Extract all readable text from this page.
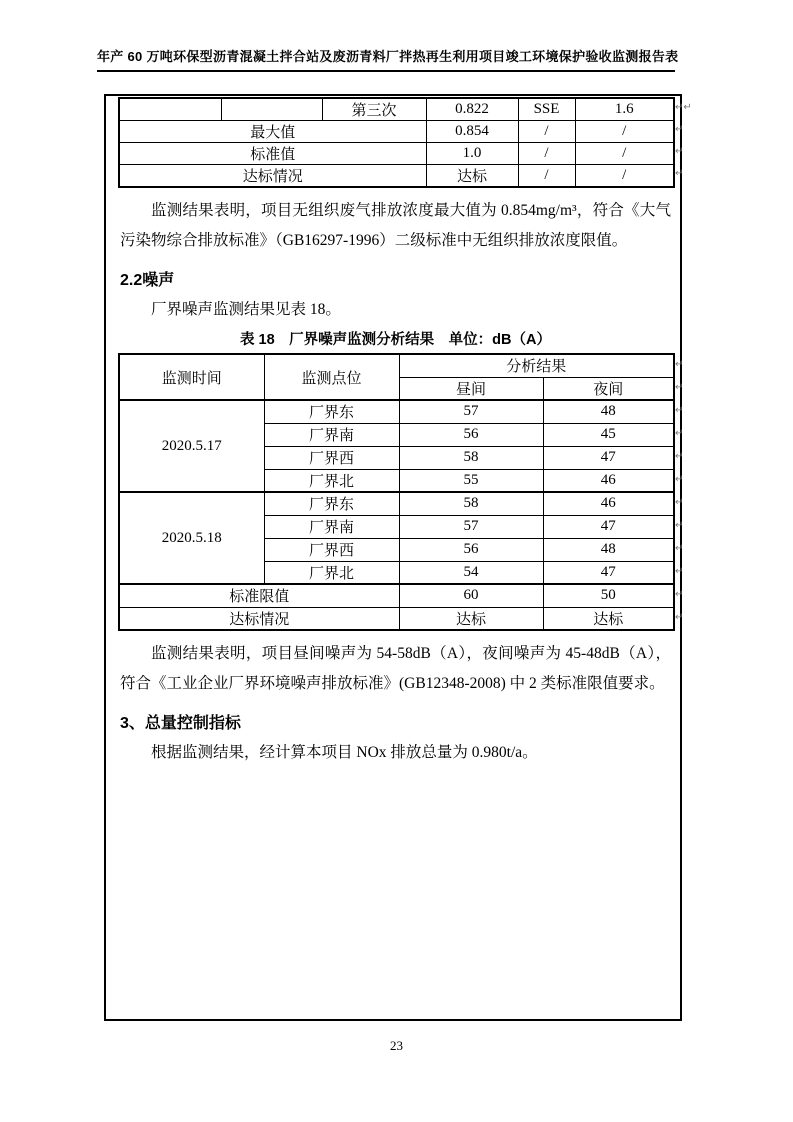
年产 60 万吨环保型沥青混凝土拌合站及废沥青料厂拌热再生利用项目竣工环境保护验收监测报告表
		第三次	0.822	SSE	1.6
最大值			0.854	/	/
标准值			1.0	/	/
达标情况			达标	/	/
↵ ↵
↵
↵
↵

监测结果表明，项目无组织废气排放浓度最大值为 0.854mg/m³，符合《大气污染物综合排放标准》（GB16297-1996）二级标准中无组织排放浓度限值。

2.2噪声

厂界噪声监测结果见表 18。

表 18　厂界噪声监测分析结果　单位：dB（A）
监测时间	监测点位	分析结果	
		昼间	夜间
2020.5.17	厂界东	57	48
	厂界南	56	45
	厂界西	58	47
	厂界北	55	46
2020.5.18	厂界东	58	46
	厂界南	57	47
	厂界西	56	48
	厂界北	54	47
标准限值		60	50
达标情况		达标	达标
↵
↵
↵
↵
↵
↵
↵
↵
↵
↵
↵
↵

监测结果表明，项目昼间噪声为 54-58dB（A），夜间噪声为 45-48dB（A），符合《工业企业厂界环境噪声排放标准》(GB12348-2008) 中 2 类标准限值要求。

3、总量控制指标

根据监测结果，经计算本项目 NOx 排放总量为 0.980t/a。

23
